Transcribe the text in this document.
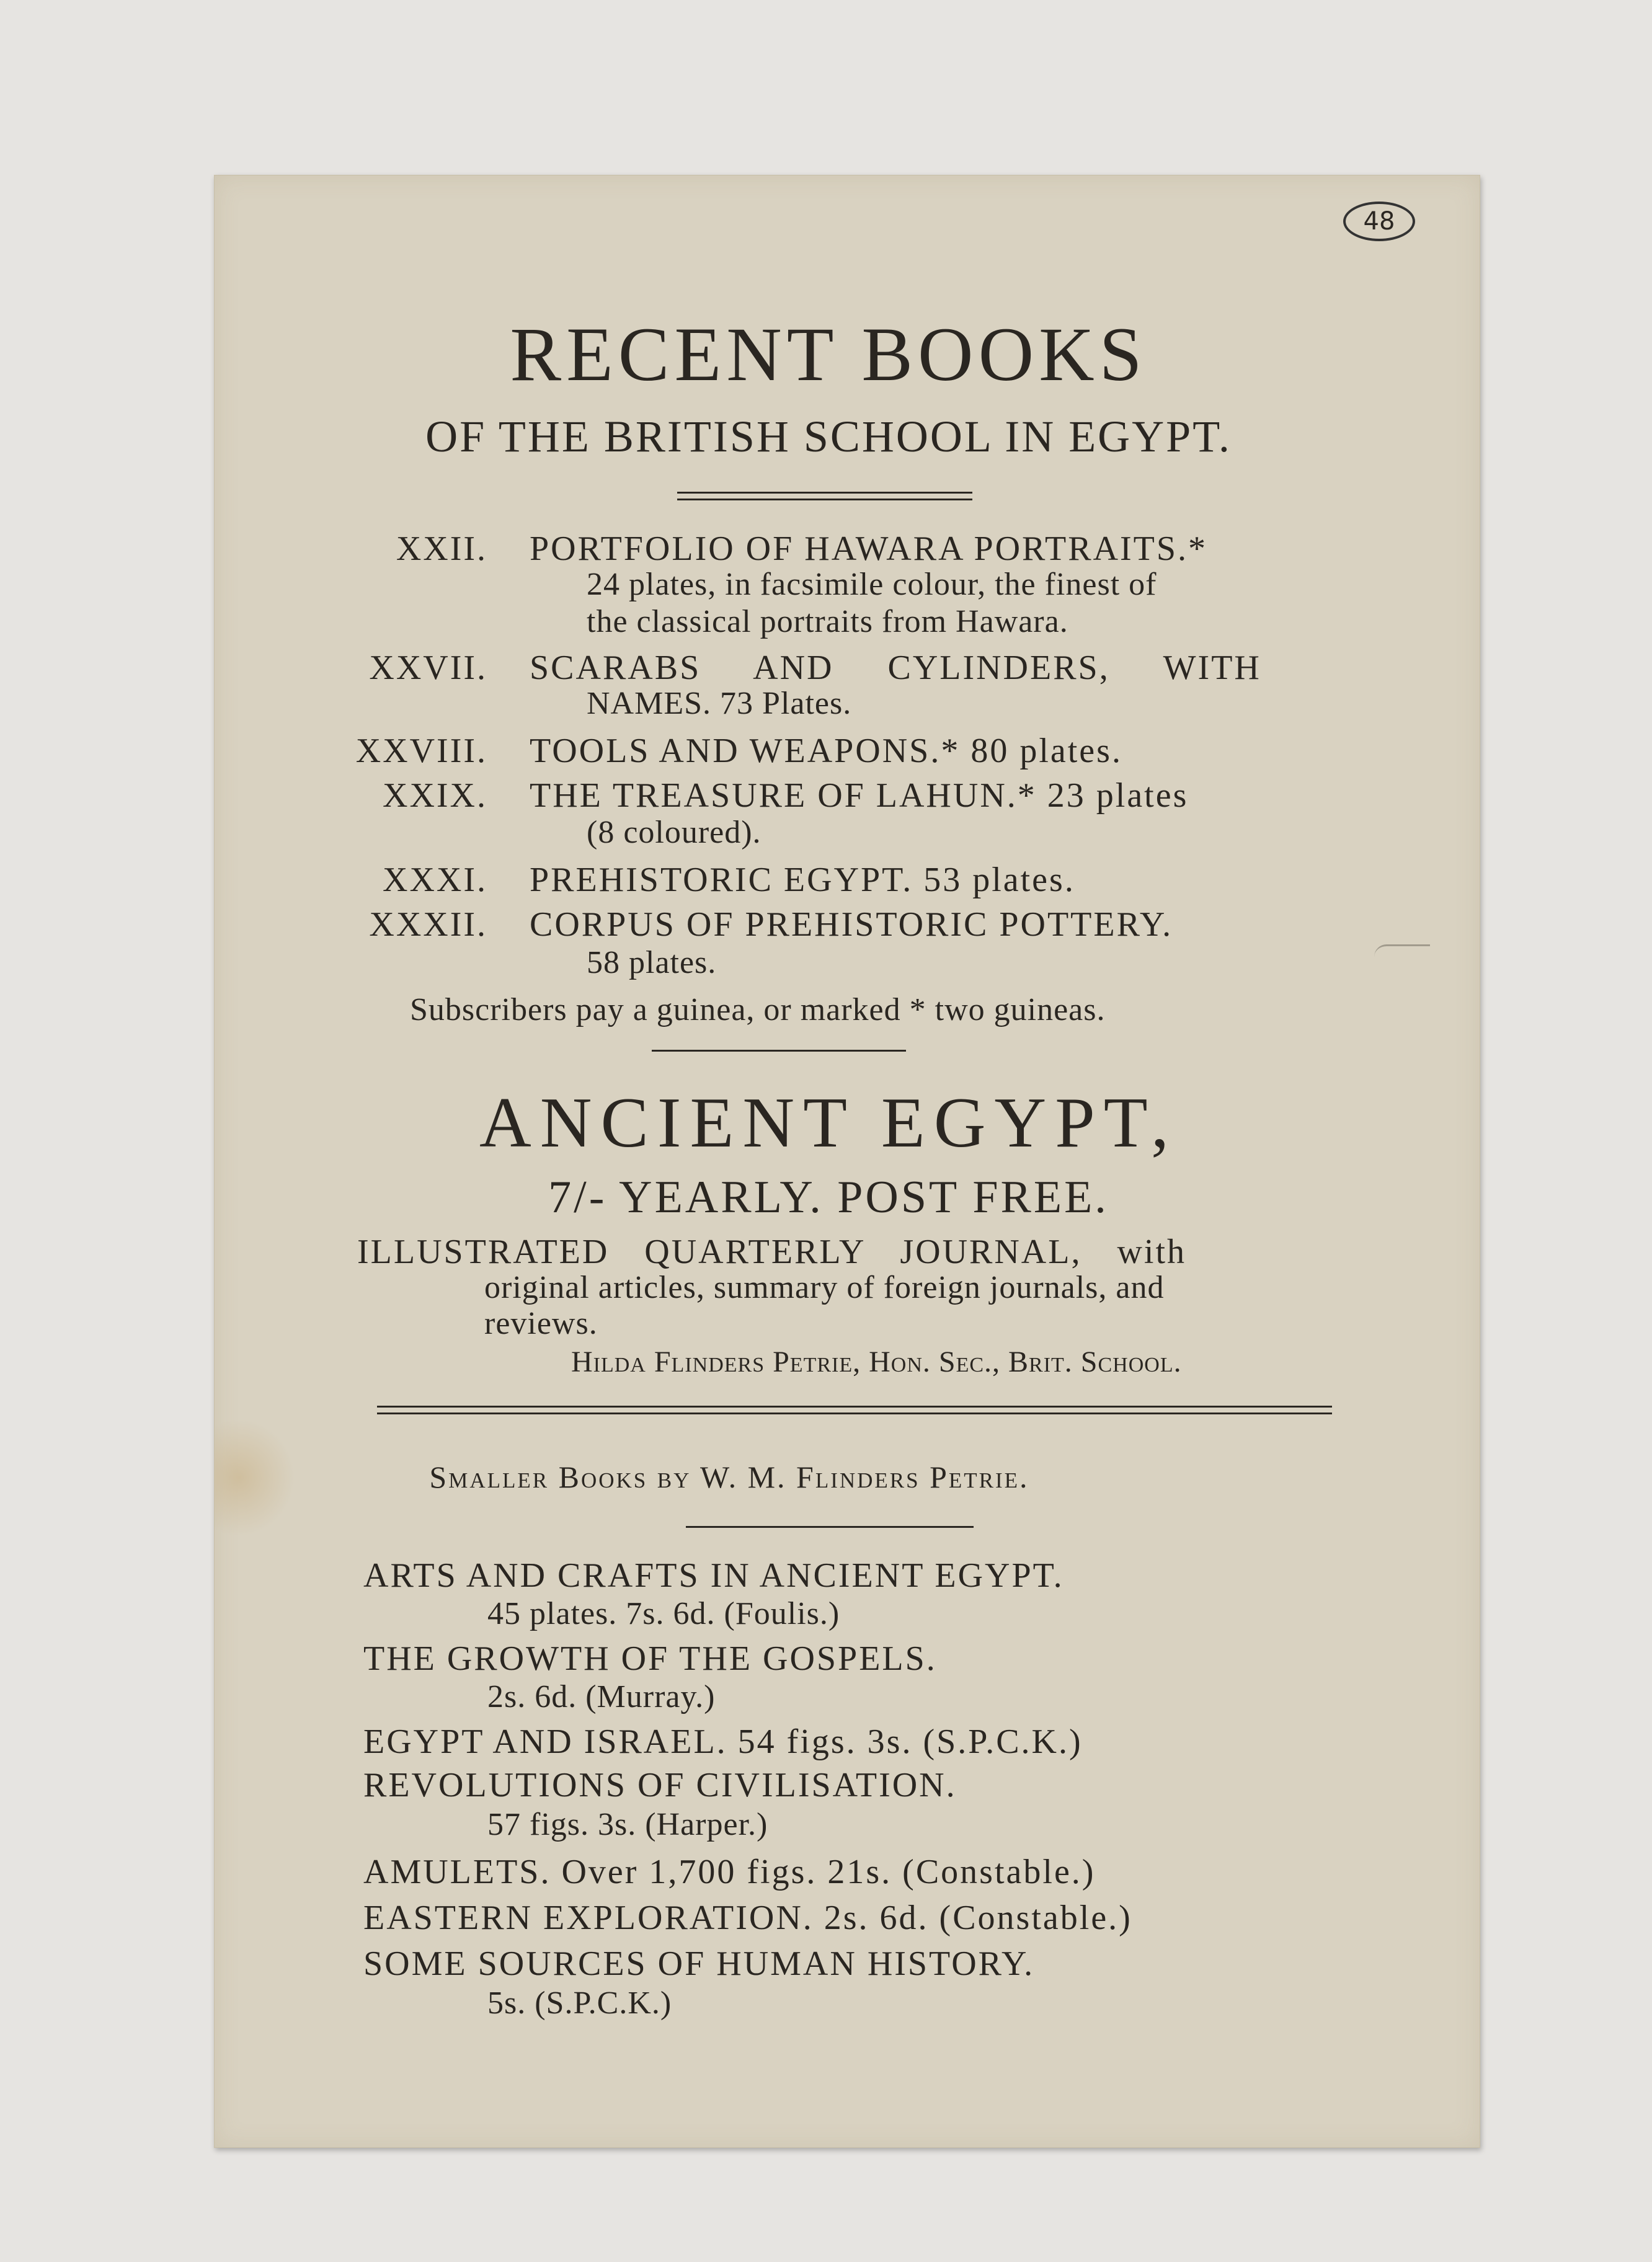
48
RECENT BOOKS
OF THE BRITISH SCHOOL IN EGYPT.
XXII. PORTFOLIO OF HAWARA PORTRAITS.*
24 plates, in facsimile colour, the finest of
the classical portraits from Hawara.
XXVII. SCARABS AND CYLINDERS, WITH
NAMES. 73 Plates.
XXVIII. TOOLS AND WEAPONS.* 80 plates.
XXIX. THE TREASURE OF LAHUN.* 23 plates
(8 coloured).
XXXI. PREHISTORIC EGYPT. 53 plates.
XXXII. CORPUS OF PREHISTORIC POTTERY.
58 plates.
Subscribers pay a guinea, or marked * two guineas.
ANCIENT EGYPT,
7/- YEARLY. POST FREE.
ILLUSTRATED QUARTERLY JOURNAL, with
original articles, summary of foreign journals, and
reviews.
Hilda Flinders Petrie, Hon. Sec., Brit. School.
Smaller Books by W. M. Flinders Petrie.
ARTS AND CRAFTS IN ANCIENT EGYPT.
45 plates. 7s. 6d. (Foulis.)
THE GROWTH OF THE GOSPELS.
2s. 6d. (Murray.)
EGYPT AND ISRAEL. 54 figs. 3s. (S.P.C.K.)
REVOLUTIONS OF CIVILISATION.
57 figs. 3s. (Harper.)
AMULETS. Over 1,700 figs. 21s. (Constable.)
EASTERN EXPLORATION. 2s. 6d. (Constable.)
SOME SOURCES OF HUMAN HISTORY.
5s. (S.P.C.K.)
